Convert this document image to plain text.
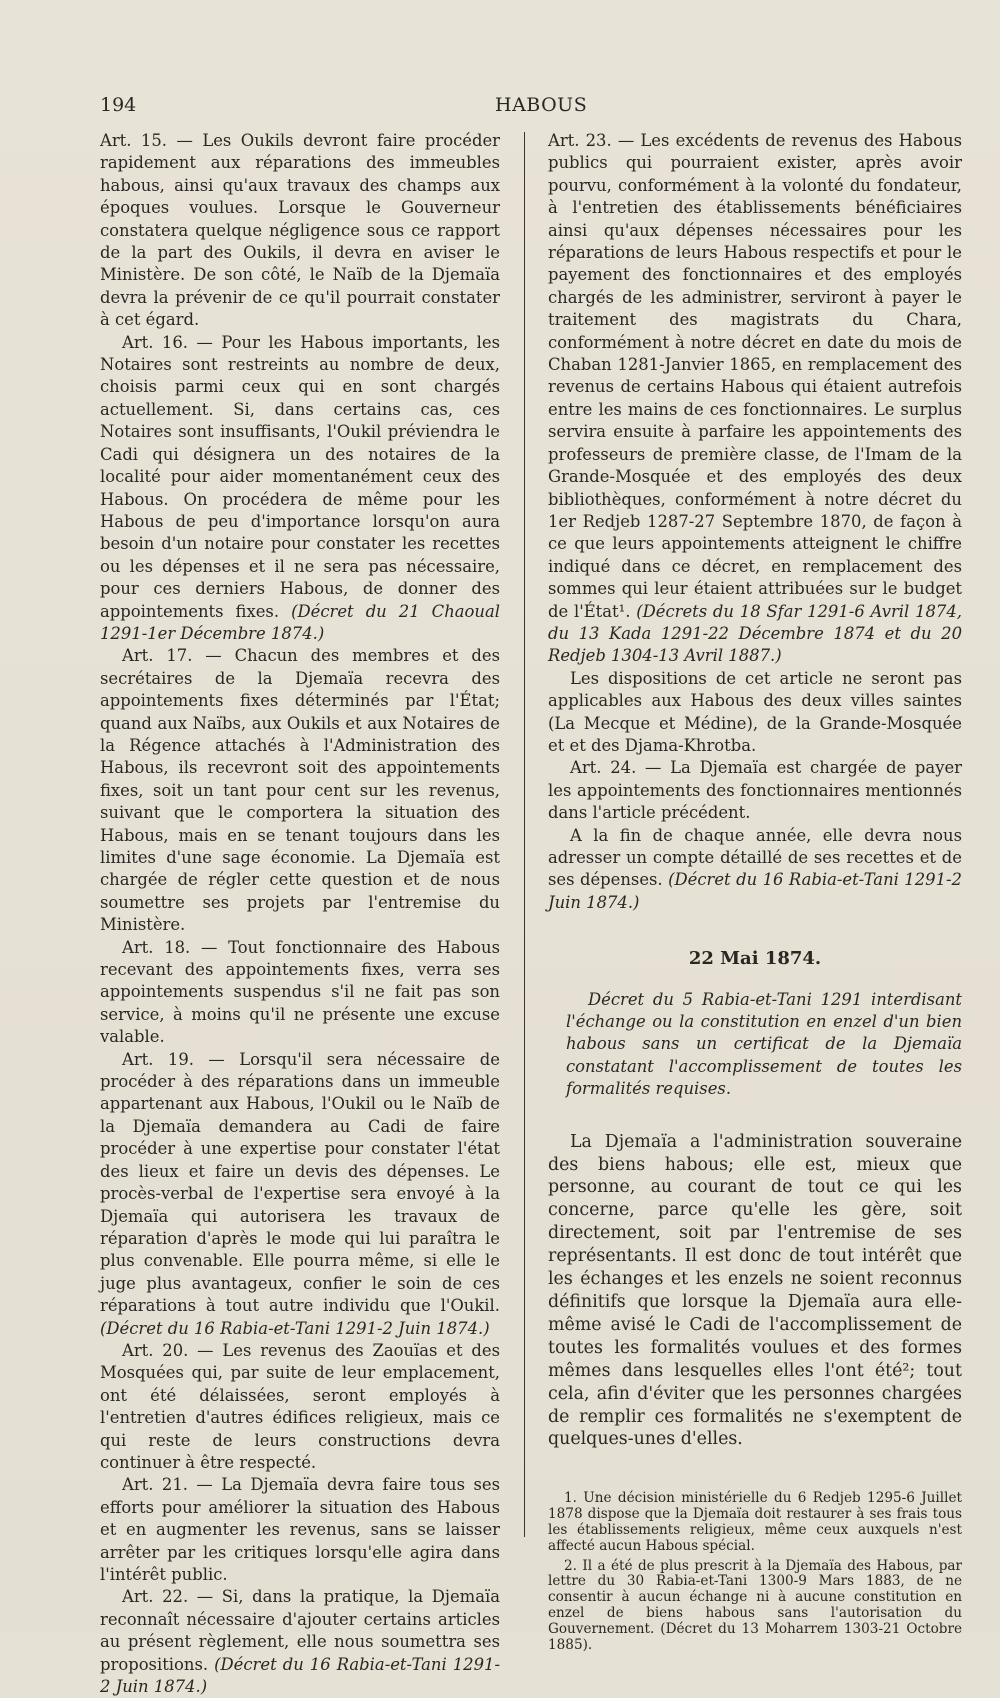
194	HABOUS

Art. 15. — Les Oukils devront faire procéder rapidement aux réparations des immeubles habous, ainsi qu'aux travaux des champs aux époques voulues. Lorsque le Gouverneur constatera quelque négligence sous ce rapport de la part des Oukils, il devra en aviser le Ministère. De son côté, le Naïb de la Djemaïa devra la prévenir de ce qu'il pourrait constater à cet égard.

Art. 16. — Pour les Habous importants, les Notaires sont restreints au nombre de deux, choisis parmi ceux qui en sont chargés actuellement. Si, dans certains cas, ces Notaires sont insuffisants, l'Oukil préviendra le Cadi qui désignera un des notaires de la localité pour aider momentanément ceux des Habous. On procédera de même pour les Habous de peu d'importance lorsqu'on aura besoin d'un notaire pour constater les recettes ou les dépenses et il ne sera pas nécessaire, pour ces derniers Habous, de donner des appointements fixes. (Décret du 21 Chaoual 1291-1er Décembre 1874.)

Art. 17. — Chacun des membres et des secrétaires de la Djemaïa recevra des appointements fixes déterminés par l'État; quand aux Naïbs, aux Oukils et aux Notaires de la Régence attachés à l'Administration des Habous, ils recevront soit des appointements fixes, soit un tant pour cent sur les revenus, suivant que le comportera la situation des Habous, mais en se tenant toujours dans les limites d'une sage économie. La Djemaïa est chargée de régler cette question et de nous soumettre ses projets par l'entremise du Ministère.

Art. 18. — Tout fonctionnaire des Habous recevant des appointements fixes, verra ses appointements suspendus s'il ne fait pas son service, à moins qu'il ne présente une excuse valable.

Art. 19. — Lorsqu'il sera nécessaire de procéder à des réparations dans un immeuble appartenant aux Habous, l'Oukil ou le Naïb de la Djemaïa demandera au Cadi de faire procéder à une expertise pour constater l'état des lieux et faire un devis des dépenses. Le procès-verbal de l'expertise sera envoyé à la Djemaïa qui autorisera les travaux de réparation d'après le mode qui lui paraîtra le plus convenable. Elle pourra même, si elle le juge plus avantageux, confier le soin de ces réparations à tout autre individu que l'Oukil. (Décret du 16 Rabia-et-Tani 1291-2 Juin 1874.)

Art. 20. — Les revenus des Zaouïas et des Mosquées qui, par suite de leur emplacement, ont été délaissées, seront employés à l'entretien d'autres édifices religieux, mais ce qui reste de leurs constructions devra continuer à être respecté.

Art. 21. — La Djemaïa devra faire tous ses efforts pour améliorer la situation des Habous et en augmenter les revenus, sans se laisser arrêter par les critiques lorsqu'elle agira dans l'intérêt public.

Art. 22. — Si, dans la pratique, la Djemaïa reconnaît nécessaire d'ajouter certains articles au présent règlement, elle nous soumettra ses propositions. (Décret du 16 Rabia-et-Tani 1291-2 Juin 1874.)

Art. 23. — Les excédents de revenus des Habous publics qui pourraient exister, après avoir pourvu, conformément à la volonté du fondateur, à l'entretien des établissements bénéficiaires ainsi qu'aux dépenses nécessaires pour les réparations de leurs Habous respectifs et pour le payement des fonctionnaires et des employés chargés de les administrer, serviront à payer le traitement des magistrats du Chara, conformément à notre décret en date du mois de Chaban 1281-Janvier 1865, en remplacement des revenus de certains Habous qui étaient autrefois entre les mains de ces fonctionnaires. Le surplus servira ensuite à parfaire les appointements des professeurs de première classe, de l'Imam de la Grande-Mosquée et des employés des deux bibliothèques, conformément à notre décret du 1er Redjeb 1287-27 Septembre 1870, de façon à ce que leurs appointements atteignent le chiffre indiqué dans ce décret, en remplacement des sommes qui leur étaient attribuées sur le budget de l'État¹. (Décrets du 18 Sfar 1291-6 Avril 1874, du 13 Kada 1291-22 Décembre 1874 et du 20 Redjeb 1304-13 Avril 1887.)

Les dispositions de cet article ne seront pas applicables aux Habous des deux villes saintes (La Mecque et Médine), de la Grande-Mosquée et et des Djama-Khrotba.

Art. 24. — La Djemaïa est chargée de payer les appointements des fonctionnaires mentionnés dans l'article précédent.

A la fin de chaque année, elle devra nous adresser un compte détaillé de ses recettes et de ses dépenses. (Décret du 16 Rabia-et-Tani 1291-2 Juin 1874.)

22 Mai 1874.

Décret du 5 Rabia-et-Tani 1291 interdisant l'échange ou la constitution en enzel d'un bien habous sans un certificat de la Djemaïa constatant l'accomplissement de toutes les formalités requises.

La Djemaïa a l'administration souveraine des biens habous; elle est, mieux que personne, au courant de tout ce qui les concerne, parce qu'elle les gère, soit directement, soit par l'entremise de ses représentants. Il est donc de tout intérêt que les échanges et les enzels ne soient reconnus définitifs que lorsque la Djemaïa aura elle-même avisé le Cadi de l'accomplissement de toutes les formalités voulues et des formes mêmes dans lesquelles elles l'ont été²; tout cela, afin d'éviter que les personnes chargées de remplir ces formalités ne s'exemptent de quelques-unes d'elles.

1. Une décision ministérielle du 6 Redjeb 1295-6 Juillet 1878 dispose que la Djemaïa doit restaurer à ses frais tous les établissements religieux, même ceux auxquels n'est affecté aucun Habous spécial.

2. Il a été de plus prescrit à la Djemaïa des Habous, par lettre du 30 Rabia-et-Tani 1300-9 Mars 1883, de ne consentir à aucun échange ni à aucune constitution en enzel de biens habous sans l'autorisation du Gouvernement. (Décret du 13 Moharrem 1303-21 Octobre 1885).
